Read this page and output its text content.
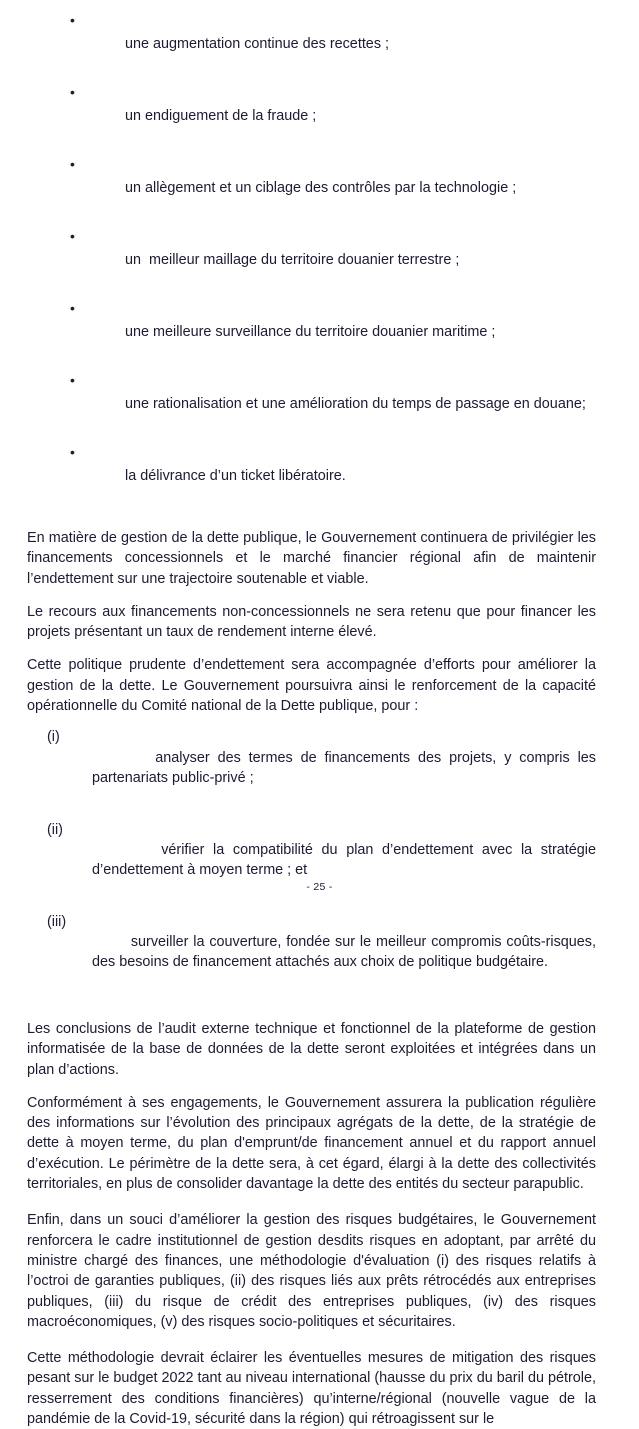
•
une augmentation continue des recettes ;

•
un endiguement de la fraude ;

•
un allègement et un ciblage des contrôles par la technologie ;

•
un  meilleur maillage du territoire douanier terrestre ;

•
une meilleure surveillance du territoire douanier maritime ;

•
une rationalisation et une amélioration du temps de passage en douane;

•
la délivrance d’un ticket libératoire.

En matière de gestion de la dette publique, le Gouvernement continuera de privilégier les financements concessionnels et le marché financier régional afin de maintenir l’endettement sur une trajectoire soutenable et viable.

Le recours aux financements non-concessionnels ne sera retenu que pour financer les projets présentant un taux de rendement interne élevé.

Cette politique prudente d’endettement sera accompagnée d’efforts pour améliorer la gestion de la dette. Le Gouvernement poursuivra ainsi le renforcement de la capacité opérationnelle du Comité national de la Dette publique, pour :

(i)
analyser des termes de financements des projets, y compris les partenariats public-privé ;

(ii)
vérifier la compatibilité du plan d’endettement avec la stratégie d’endettement à moyen terme ; et

(iii)
surveiller la couverture, fondée sur le meilleur compromis coûts-risques, des besoins de financement attachés aux choix de politique budgétaire.

Les conclusions de l’audit externe technique et fonctionnel de la plateforme de gestion informatisée de la base de données de la dette seront exploitées et intégrées dans un plan d’actions.

Conformément à ses engagements, le Gouvernement assurera la publication régulière des informations sur l’évolution des principaux agrégats de la dette, de la stratégie de dette à moyen terme, du plan d'emprunt/de financement annuel et du rapport annuel d’exécution. Le périmètre de la dette sera, à cet égard, élargi à la dette des collectivités territoriales, en plus de consolider davantage la dette des entités du secteur parapublic.

Enfin, dans un souci d’améliorer la gestion des risques budgétaires, le Gouvernement renforcera le cadre institutionnel de gestion desdits risques en adoptant, par arrêté du ministre chargé des finances, une méthodologie d'évaluation (i) des risques relatifs à l’octroi de garanties publiques, (ii) des risques liés aux prêts rétrocédés aux entreprises publiques, (iii) du risque de crédit des entreprises publiques, (iv) des risques macroéconomiques, (v) des risques socio-politiques et sécuritaires.

Cette méthodologie devrait éclairer les éventuelles mesures de mitigation des risques pesant sur le budget 2022 tant au niveau international (hausse du prix du baril du pétrole, resserrement des conditions financières) qu’interne/régional (nouvelle vague de la pandémie de la Covid-19, sécurité dans la région) qui rétroagissent sur le

- 25 -
